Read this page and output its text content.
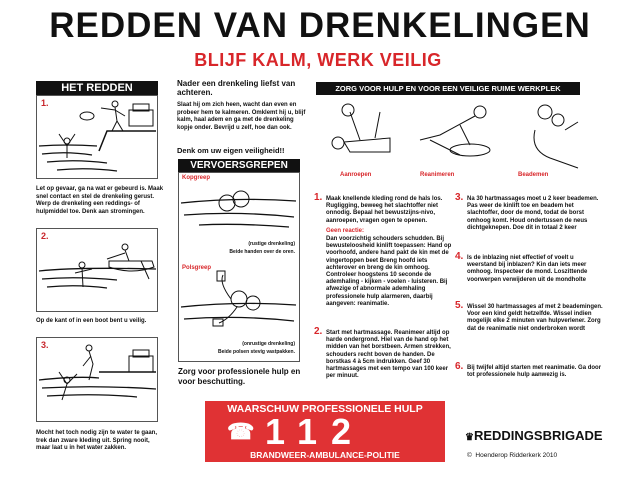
REDDEN VAN DRENKELINGEN
BLIJF KALM, WERK VEILIG
HET REDDEN
1.
Let op gevaar, ga na wat er gebeurd is. Maak snel contact en stel de drenkeling gerust. Werp de drenkeling een reddings- of hulpmiddel toe. Denk aan stromingen.
2.
Op de kant of in een boot bent u veilig.
3.
Mocht het toch nodig zijn te water te gaan, trek dan zware kleding uit. Spring nooit, maar laat u in het water zakken.
Nader een drenkeling liefst van achteren.
Slaat hij om zich heen, wacht dan even en probeer hem te kalmeren. Omklemt hij u, blijf kalm, haal adem en ga met de drenkeling kopje onder. Bevrijd u zelf, hoe dan ook.
Denk om uw eigen veiligheid!!
VERVOERSGREPEN
Kopgreep
(rustige drenkeling)
Beide handen over de oren.
Polsgreep
(onrustige drenkeling)
Beide polsen stevig vastpakken.
Zorg voor professionele hulp en voor beschutting.
ZORG VOOR HULP EN VOOR EEN VEILIGE RUIME WERKPLEK
Aanroepen	Reanimeren	Beademen
1. Maak knellende kleding rond de hals los. Rugligging, beweeg het slachtoffer niet onnodig. Bepaal het bewustzijns-nivo, aanroepen, vragen ogen te openen.
Geen reactie:
Dan voorzichtig schouders schudden. Bij bewusteloosheid kinlift toepassen: Hand op voorhoofd, andere hand pakt de kin met de vingertoppen beet Breng hoofd iets achterover en breng de kin omhoog. Controleer hoogstens 10 seconde de ademhaling - kijken - voelen - luisteren. Bij afwezige of abnormale ademhaling professionele hulp alarmeren, daarbij aangeven: reanimatie.
2. Start met hartmassage. Reanimeer altijd op harde ondergrond. Hiel van de hand op het midden van het borstbeen. Armen strekken, schouders recht boven de handen. De borstkas 4 à 5cm indrukken. Geef 30 hartmassages met een tempo van 100 keer per minuut.
3. Na 30 hartmassages moet u 2 keer beademen. Pas weer de kinlift toe en beadem het slachtoffer, door de mond, todat de borst omhoog komt. Houd ondertussen de neus dichtgeknepen. Doe dit in totaal 2 keer
4. Is de inblazing niet effectief of voelt u weerstand bij inblazen? Kin dan iets meer omhoog. Inspecteer de mond. Loszittende voorwerpen verwijderen uit de mondholte
5. Wissel 30 hartmassages af met 2 beademingen. Voor een kind geldt hetzelfde. Wissel indien mogelijk elke 2 minuten van hulpverlener. Zorg dat de reanimatie niet onderbroken wordt
6. Bij twijfel altijd starten met reanimatie. Ga door tot professionele hulp aanwezig is.
WAARSCHUW PROFESSIONELE HULP
☎ 112
BRANDWEER-AMBULANCE-POLITIE
♛REDDINGSBRIGADE
© Hoenderop Ridderkerk 2010
